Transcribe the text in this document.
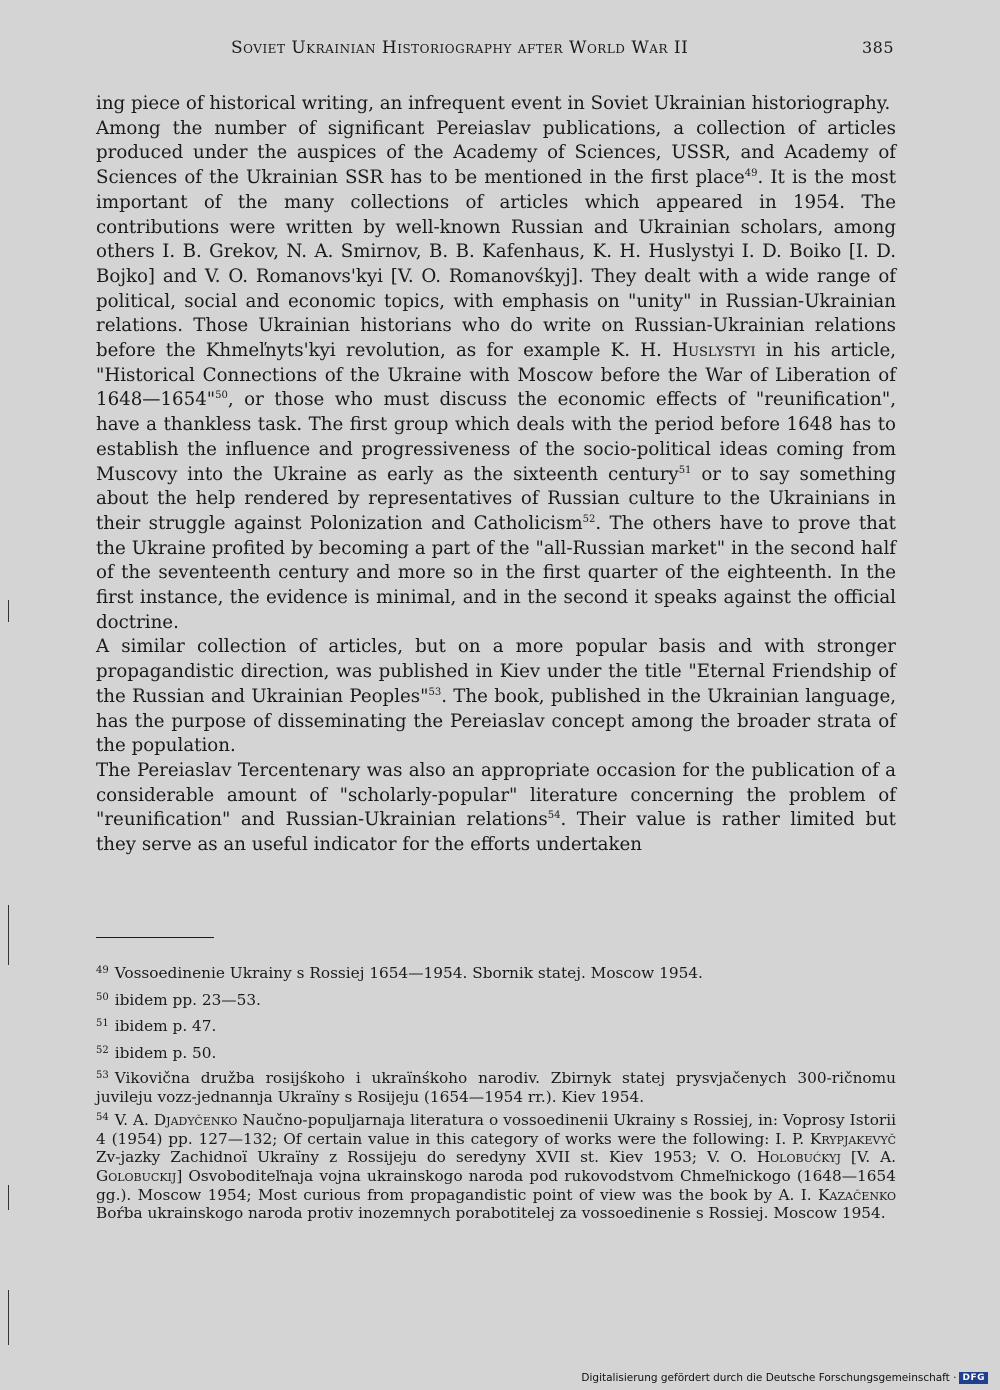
Soviet Ukrainian Historiography after World War II	385

ing piece of historical writing, an infrequent event in Soviet Ukrainian historiography.

Among the number of significant Pereiaslav publications, a collection of articles produced under the auspices of the Academy of Sciences, USSR, and Academy of Sciences of the Ukrainian SSR has to be mentioned in the first place$^{49}$. It is the most important of the many collections of articles which appeared in 1954. The contributions were written by well-known Russian and Ukrainian scholars, among others I. B. Grekov, N. A. Smirnov, B. B. Kafenhaus, K. H. Huslystyi I. D. Boiko [I. D. Bojko] and V. O. Romanovs'kyi [V. O. Romanovśkyj]. They dealt with a wide range of political, social and economic topics, with emphasis on "unity" in Russian-Ukrainian relations. Those Ukrainian historians who do write on Russian-Ukrainian relations before the Khmeľnyts'kyi revolution, as for example K. H. Huslystyi in his article, "Historical Connections of the Ukraine with Moscow before the War of Liberation of 1648—1654"$^{50}$, or those who must discuss the economic effects of "reunification", have a thankless task. The first group which deals with the period before 1648 has to establish the influence and progressiveness of the socio-political ideas coming from Muscovy into the Ukraine as early as the sixteenth century$^{51}$ or to say something about the help rendered by representatives of Russian culture to the Ukrainians in their struggle against Polonization and Catholicism$^{52}$. The others have to prove that the Ukraine profited by becoming a part of the "all-Russian market" in the second half of the seventeenth century and more so in the first quarter of the eighteenth. In the first instance, the evidence is minimal, and in the second it speaks against the official doctrine.

A similar collection of articles, but on a more popular basis and with stronger propagandistic direction, was published in Kiev under the title "Eternal Friendship of the Russian and Ukrainian Peoples"$^{53}$. The book, published in the Ukrainian language, has the purpose of disseminating the Pereiaslav concept among the broader strata of the population.

The Pereiaslav Tercentenary was also an appropriate occasion for the publication of a considerable amount of "scholarly-popular" literature concerning the problem of "reunification" and Russian-Ukrainian relations$^{54}$. Their value is rather limited but they serve as an useful indicator for the efforts undertaken

$^{49}$ Vossoedinenie Ukrainy s Rossiej 1654—1954. Sbornik statej. Moscow 1954.

$^{50}$ ibidem pp. 23—53.

$^{51}$ ibidem p. 47.

$^{52}$ ibidem p. 50.

$^{53}$ Vikovična družba rosijśkoho i ukraïnśkoho narodiv. Zbirnyk statej prysvjačenych 300-ričnomu juvileju vozz-jednannja Ukraïny s Rosijeju (1654—1954 rr.). Kiev 1954.

$^{54}$ V. A. Djadyčenko Naučno-populjarnaja literatura o vossoedinenii Ukrainy s Rossiej, in: Voprosy Istorii 4 (1954) pp. 127—132; Of certain value in this category of works were the following: I. P. Krypjakevyč Zv-jazky Zachidnoï Ukraïny z Rossijeju do seredyny XVII st. Kiev 1953; V. O. Holobućkyj [V. A. Golobuckij] Osvoboditeľnaja vojna ukrainskogo naroda pod rukovodstvom Chmeľnickogo (1648—1654 gg.). Moscow 1954; Most curious from propagandistic point of view was the book by A. I. Kazačenko Boŕba ukrainskogo naroda protiv inozemnych porabotitelej za vossoedinenie s Rossiej. Moscow 1954.

Digitalisierung gefördert durch die Deutsche Forschungsgemeinschaft · DFG
